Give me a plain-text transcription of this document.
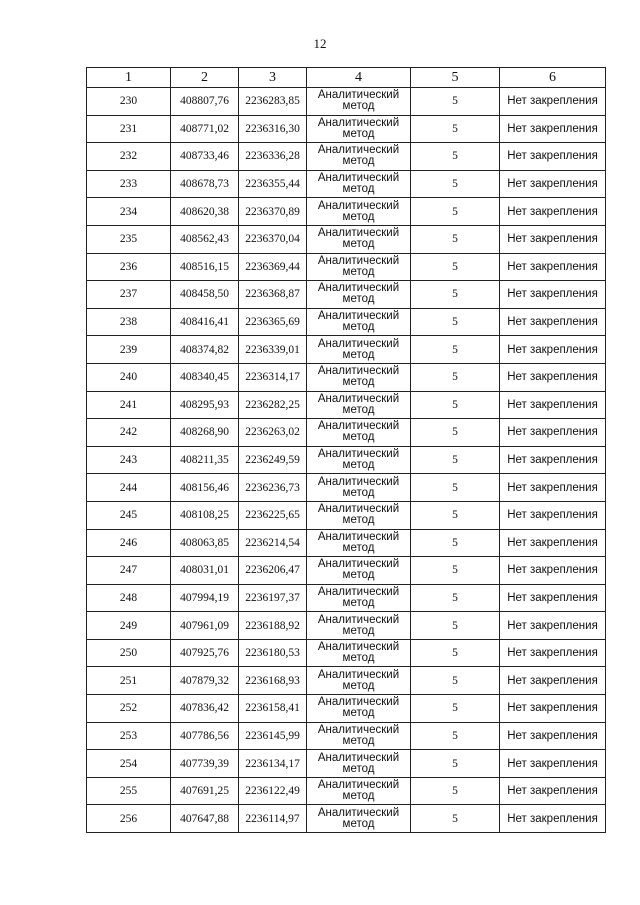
12
1	2	3	4	5	6
230	408807,76	2236283,85	Аналитический метод	5	Нет закрепления
231	408771,02	2236316,30	Аналитический метод	5	Нет закрепления
232	408733,46	2236336,28	Аналитический метод	5	Нет закрепления
233	408678,73	2236355,44	Аналитический метод	5	Нет закрепления
234	408620,38	2236370,89	Аналитический метод	5	Нет закрепления
235	408562,43	2236370,04	Аналитический метод	5	Нет закрепления
236	408516,15	2236369,44	Аналитический метод	5	Нет закрепления
237	408458,50	2236368,87	Аналитический метод	5	Нет закрепления
238	408416,41	2236365,69	Аналитический метод	5	Нет закрепления
239	408374,82	2236339,01	Аналитический метод	5	Нет закрепления
240	408340,45	2236314,17	Аналитический метод	5	Нет закрепления
241	408295,93	2236282,25	Аналитический метод	5	Нет закрепления
242	408268,90	2236263,02	Аналитический метод	5	Нет закрепления
243	408211,35	2236249,59	Аналитический метод	5	Нет закрепления
244	408156,46	2236236,73	Аналитический метод	5	Нет закрепления
245	408108,25	2236225,65	Аналитический метод	5	Нет закрепления
246	408063,85	2236214,54	Аналитический метод	5	Нет закрепления
247	408031,01	2236206,47	Аналитический метод	5	Нет закрепления
248	407994,19	2236197,37	Аналитический метод	5	Нет закрепления
249	407961,09	2236188,92	Аналитический метод	5	Нет закрепления
250	407925,76	2236180,53	Аналитический метод	5	Нет закрепления
251	407879,32	2236168,93	Аналитический метод	5	Нет закрепления
252	407836,42	2236158,41	Аналитический метод	5	Нет закрепления
253	407786,56	2236145,99	Аналитический метод	5	Нет закрепления
254	407739,39	2236134,17	Аналитический метод	5	Нет закрепления
255	407691,25	2236122,49	Аналитический метод	5	Нет закрепления
256	407647,88	2236114,97	Аналитический метод	5	Нет закрепления
